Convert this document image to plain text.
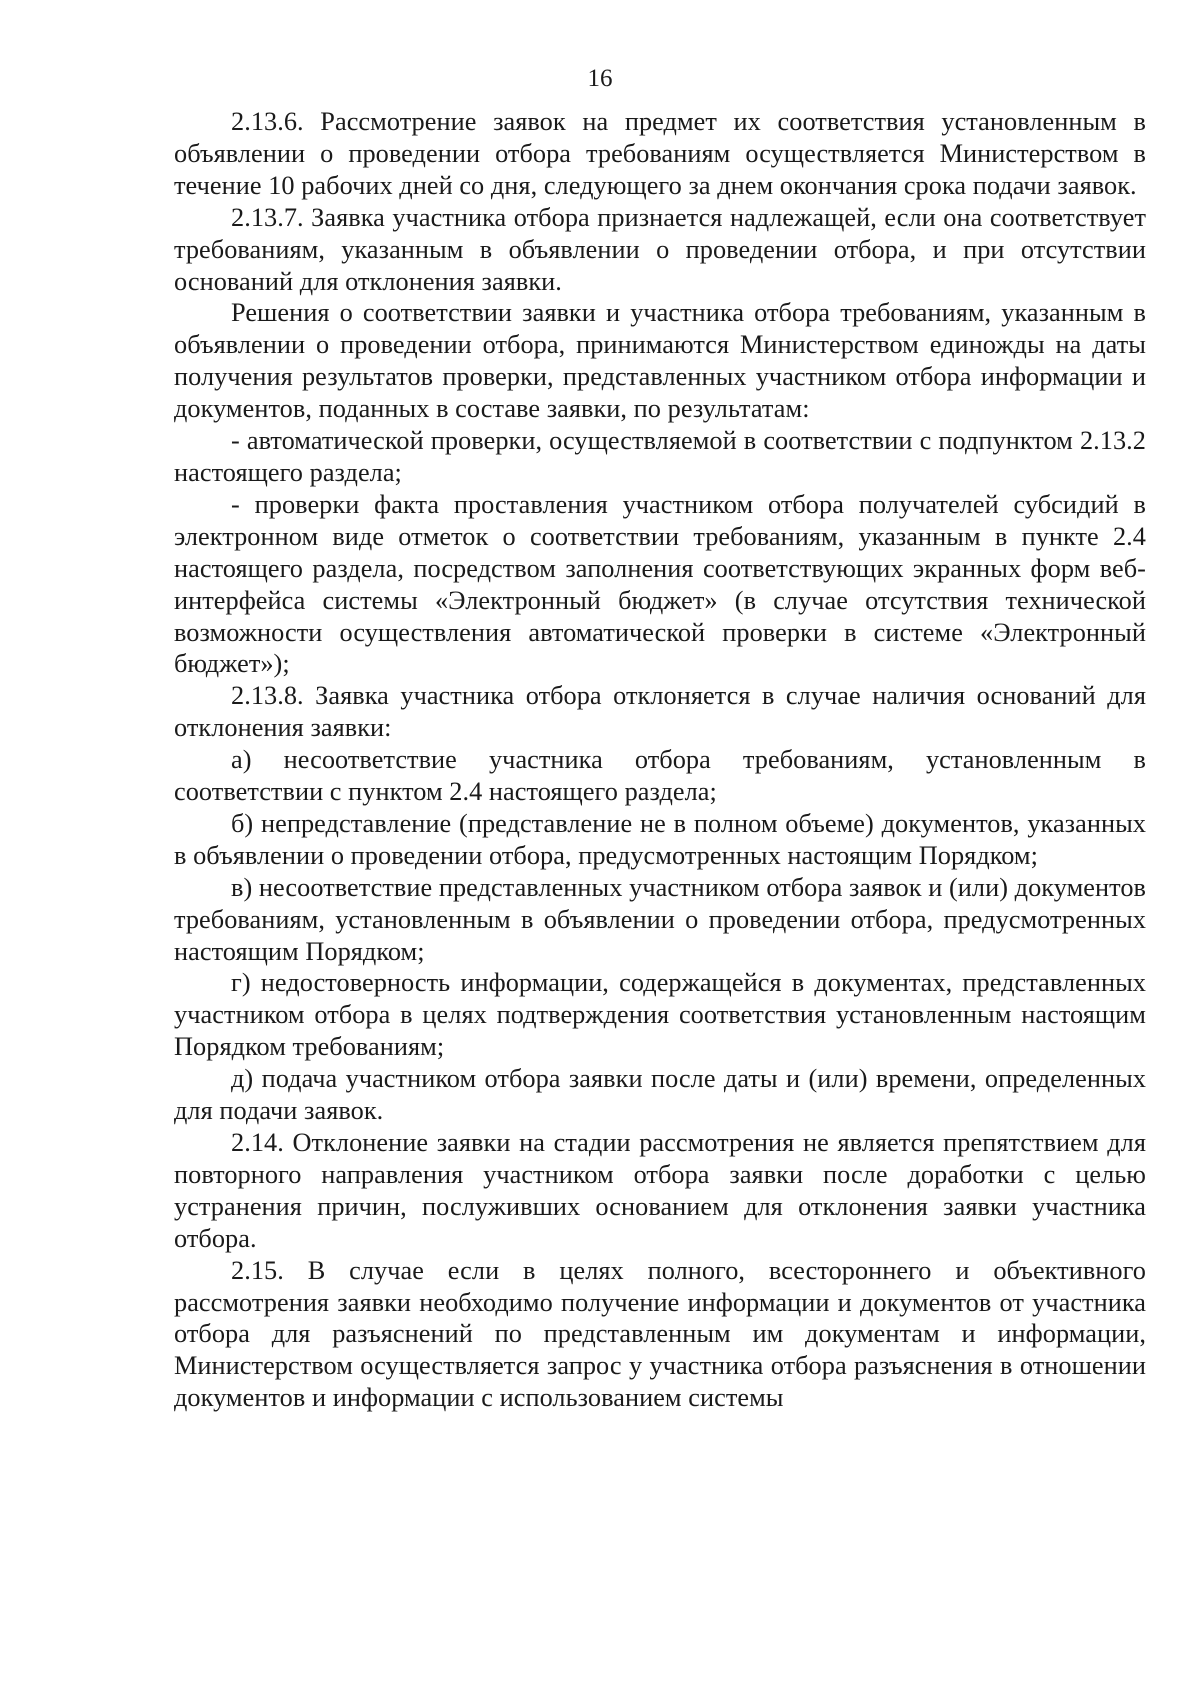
16

2.13.6. Рассмотрение заявок на предмет их соответствия установленным в объявлении о проведении отбора требованиям осуществляется Министерством в течение 10 рабочих дней со дня, следующего за днем окончания срока подачи заявок.

2.13.7. Заявка участника отбора признается надлежащей, если она соответствует требованиям, указанным в объявлении о проведении отбора, и при отсутствии оснований для отклонения заявки.

Решения о соответствии заявки и участника отбора требованиям, указанным в объявлении о проведении отбора, принимаются Министерством единожды на даты получения результатов проверки, представленных участником отбора информации и документов, поданных в составе заявки, по результатам:

- автоматической проверки, осуществляемой в соответствии с подпунктом 2.13.2 настоящего раздела;

- проверки факта проставления участником отбора получателей субсидий в электронном виде отметок о соответствии требованиям, указанным в пункте 2.4 настоящего раздела, посредством заполнения соответствующих экранных форм веб-интерфейса системы «Электронный бюджет» (в случае отсутствия технической возможности осуществления автоматической проверки в системе «Электронный бюджет»);

2.13.8. Заявка участника отбора отклоняется в случае наличия оснований для отклонения заявки:

а) несоответствие участника отбора требованиям, установленным в соответствии с пунктом 2.4 настоящего раздела;

б) непредставление (представление не в полном объеме) документов, указанных в объявлении о проведении отбора, предусмотренных настоящим Порядком;

в) несоответствие представленных участником отбора заявок и (или) документов требованиям, установленным в объявлении о проведении отбора, предусмотренных настоящим Порядком;

г) недостоверность информации, содержащейся в документах, представленных участником отбора в целях подтверждения соответствия установленным настоящим Порядком требованиям;

д) подача участником отбора заявки после даты и (или) времени, определенных для подачи заявок.

2.14. Отклонение заявки на стадии рассмотрения не является препятствием для повторного направления участником отбора заявки после доработки с целью устранения причин, послуживших основанием для отклонения заявки участника отбора.

2.15. В случае если в целях полного, всестороннего и объективного рассмотрения заявки необходимо получение информации и документов от участника отбора для разъяснений по представленным им документам и информации, Министерством осуществляется запрос у участника отбора разъяснения в отношении документов и информации с использованием системы
